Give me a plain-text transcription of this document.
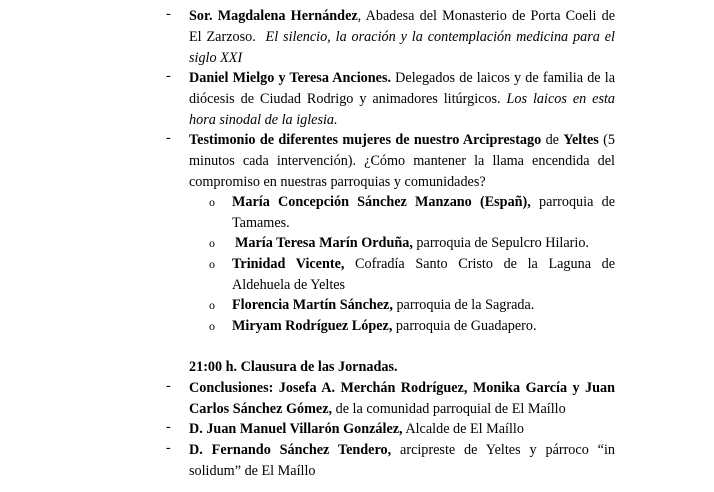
- Sor. Magdalena Hernández, Abadesa del Monasterio de Porta Coeli de El Zarzoso. El silencio, la oración y la contemplación medicina para el siglo XXI
- Daniel Mielgo y Teresa Anciones. Delegados de laicos y de familia de la diócesis de Ciudad Rodrigo y animadores litúrgicos. Los laicos en esta hora sinodal de la iglesia.
- Testimonio de diferentes mujeres de nuestro Arciprestago de Yeltes (5 minutos cada intervención). ¿Cómo mantener la llama encendida del compromiso en nuestras parroquias y comunidades?
o María Concepción Sánchez Manzano (Españ), parroquia de Tamames.
o María Teresa Marín Orduña, parroquia de Sepulcro Hilario.
o Trinidad Vicente, Cofradía Santo Cristo de la Laguna de Aldehuela de Yeltes
o Florencia Martín Sánchez, parroquia de la Sagrada.
o Miryam Rodríguez López, parroquia de Guadapero.
21:00 h. Clausura de las Jornadas.
- Conclusiones: Josefa A. Merchán Rodríguez, Monika García y Juan Carlos Sánchez Gómez, de la comunidad parroquial de El Maíllo
- D. Juan Manuel Villarón González, Alcalde de El Maíllo
- D. Fernando Sánchez Tendero, arcipreste de Yeltes y párroco “in solidum” de El Maíllo
